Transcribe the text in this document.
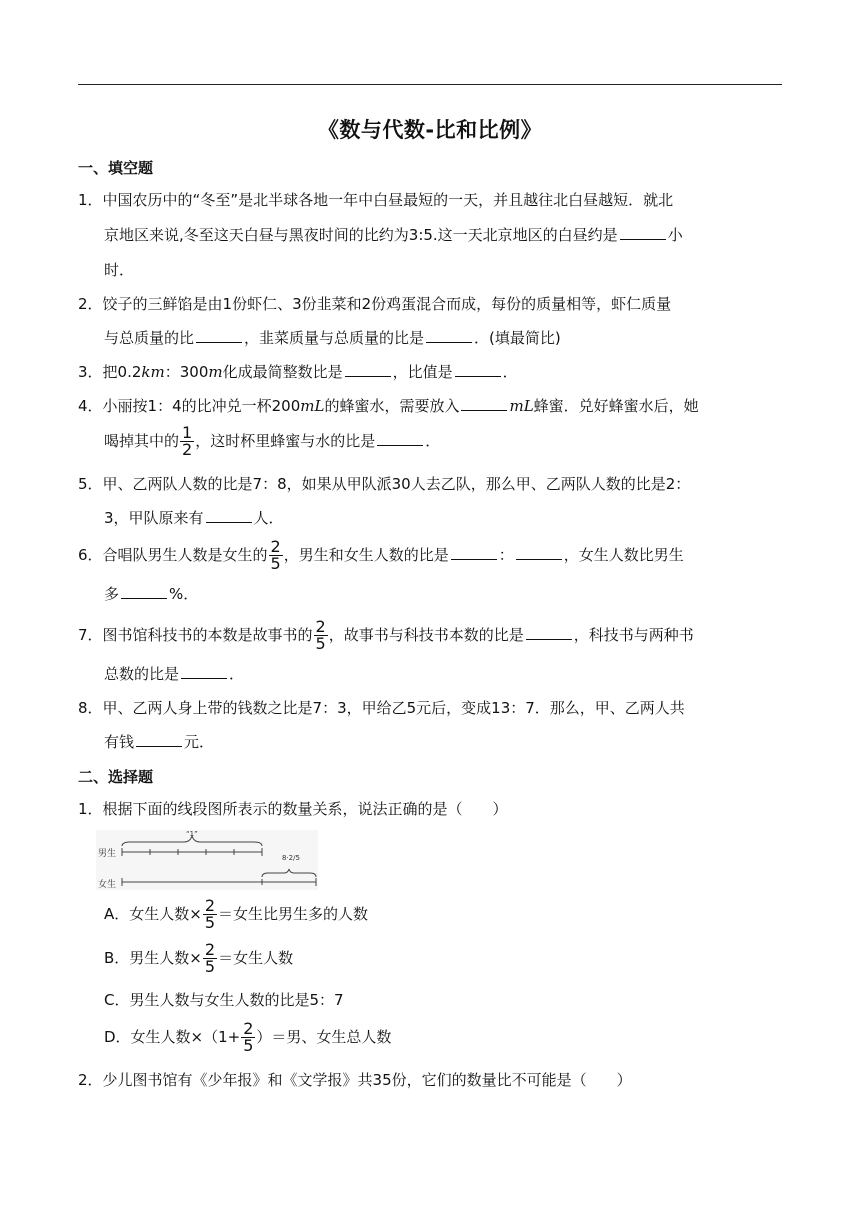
《数与代数-比和比例》
一、填空题
1．中国农历中的“冬至”是北半球各地一年中白昼最短的一天，并且越往北白昼越短．就北
京地区来说,冬至这天白昼与黑夜时间的比约为3:5.这一天北京地区的白昼约是	小
时．
2．饺子的三鲜馅是由1份虾仁、3份韭菜和2份鸡蛋混合而成，每份的质量相等，虾仁质量
与总质量的比	，韭菜质量与总质量的比是	．(填最简比)
3．把0.2km：300m化成最简整数比是	，比值是	．
4．小丽按1：4的比冲兑一杯200mL的蜂蜜水，需要放入	mL蜂蜜．兑好蜂蜜水后，她
喝掉其中的 $\frac{1}{2}$ ，这时杯里蜂蜜与水的比是	．
5．甲、乙两队人数的比是7：8，如果从甲队派30人去乙队，那么甲、乙两队人数的比是2：
3，甲队原来有	人．
6．合唱队男生人数是女生的 $\frac{2}{5}$ ，男生和女生人数的比是	：	，女生人数比男生
多	%．
7．图书馆科技书的本数是故事书的 $\frac{2}{5}$ ，故事书与科技书本数的比是	，科技书与两种书
总数的比是	．
8．甲、乙两人身上带的钱数之比是7：3，甲给乙5元后，变成13：7．那么，甲、乙两人共
有钱	元．
二、选择题
1．根据下面的线段图所表示的数量关系，说法正确的是（　　）
男生
女生
“1”
8·2/5
A．女生人数× $\frac{2}{5}$ ＝女生比男生多的人数
B．男生人数× $\frac{2}{5}$ ＝女生人数
C．男生人数与女生人数的比是5：7
D．女生人数$\times(1+ \frac{2}{5}$ ）＝男、女生总人数
2．少儿图书馆有《少年报》和《文学报》共35份，它们的数量比不可能是（　　）
